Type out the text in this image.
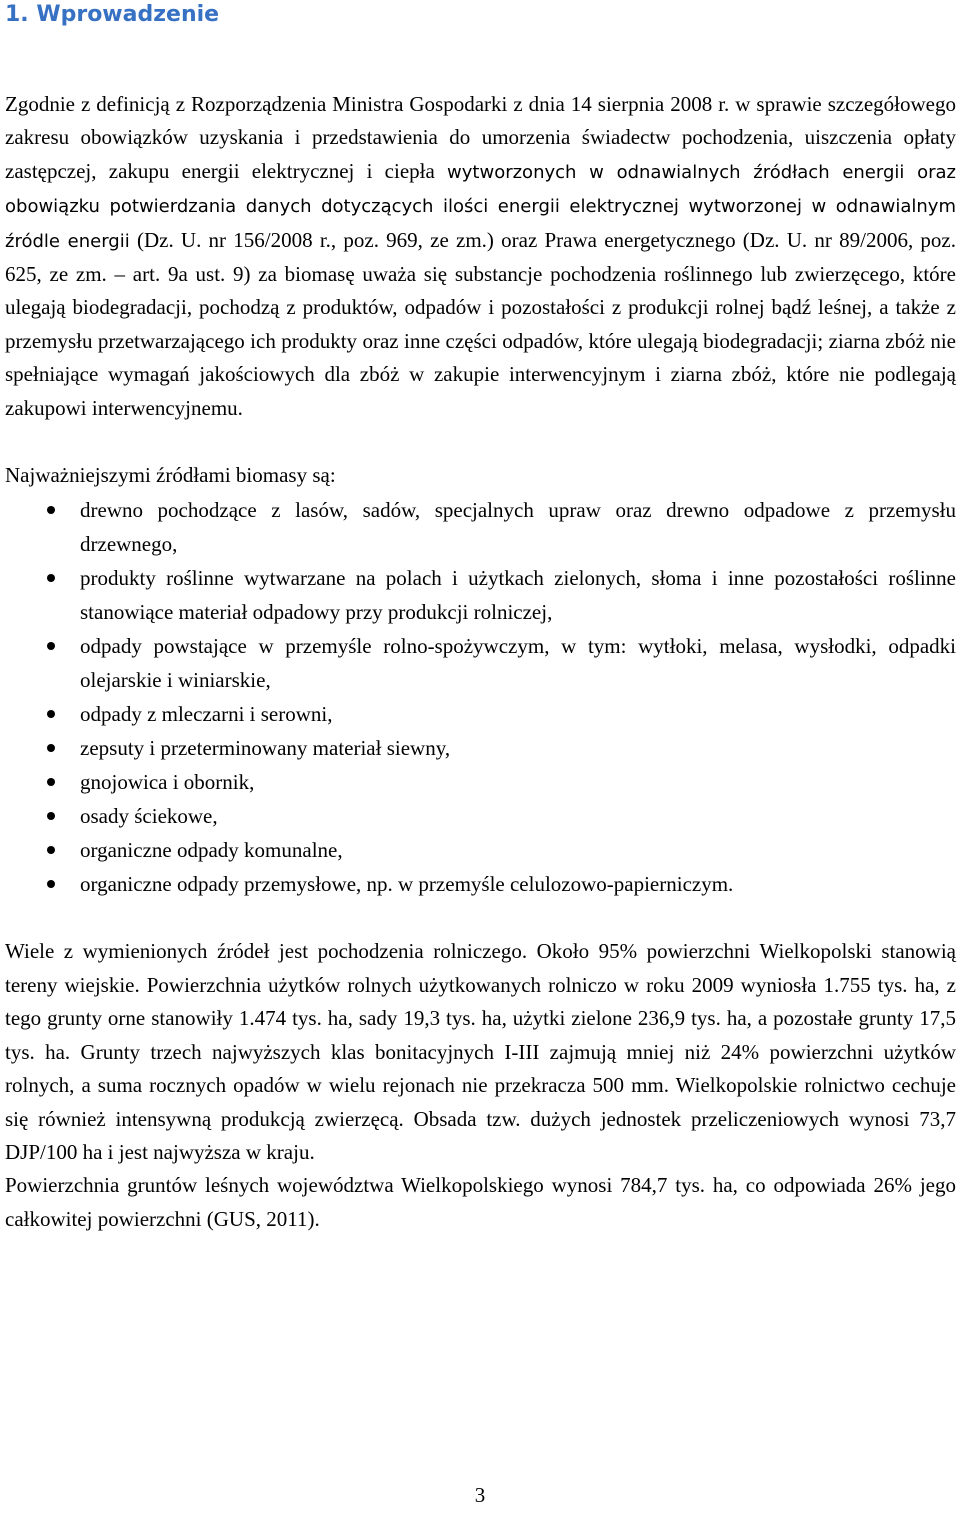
1. Wprowadzenie

Zgodnie z definicją z Rozporządzenia Ministra Gospodarki z dnia 14 sierpnia 2008 r. w sprawie szczegółowego zakresu obowiązków uzyskania i przedstawienia do umorzenia świadectw pochodzenia, uiszczenia opłaty zastępczej, zakupu energii elektrycznej i ciepła wytworzonych w odnawialnych źródłach energii oraz obowiązku potwierdzania danych dotyczących ilości energii elektrycznej wytworzonej w odnawialnym źródle energii (Dz. U. nr 156/2008 r., poz. 969, ze zm.) oraz Prawa energetycznego (Dz. U. nr 89/2006, poz. 625, ze zm. – art. 9a ust. 9) za biomasę uważa się substancje pochodzenia roślinnego lub zwierzęcego, które ulegają biodegradacji, pochodzą z produktów, odpadów i pozostałości z produkcji rolnej bądź leśnej, a także z przemysłu przetwarzającego ich produkty oraz inne części odpadów, które ulegają biodegradacji; ziarna zbóż nie spełniające wymagań jakościowych dla zbóż w zakupie interwencyjnym i ziarna zbóż, które nie podlegają zakupowi interwencyjnemu.

Najważniejszymi źródłami biomasy są:

drewno pochodzące z lasów, sadów, specjalnych upraw oraz drewno odpadowe z przemysłu drzewnego,
produkty roślinne wytwarzane na polach i użytkach zielonych, słoma i inne pozostałości roślinne stanowiące materiał odpadowy przy produkcji rolniczej,
odpady powstające w przemyśle rolno-spożywczym, w tym: wytłoki, melasa, wysłodki, odpadki olejarskie i winiarskie,
odpady z mleczarni i serowni,
zepsuty i przeterminowany materiał siewny,
gnojowica i obornik,
osady ściekowe,
organiczne odpady komunalne,
organiczne odpady przemysłowe, np. w przemyśle celulozowo-papierniczym.

Wiele z wymienionych źródeł jest pochodzenia rolniczego. Około 95% powierzchni Wielkopolski stanowią tereny wiejskie. Powierzchnia użytków rolnych użytkowanych rolniczo w roku 2009 wyniosła 1.755 tys. ha, z tego grunty orne stanowiły 1.474 tys. ha, sady 19,3 tys. ha, użytki zielone 236,9 tys. ha, a pozostałe grunty 17,5 tys. ha. Grunty trzech najwyższych klas bonitacyjnych I-III zajmują mniej niż 24% powierzchni użytków rolnych, a suma rocznych opadów w wielu rejonach nie przekracza 500 mm. Wielkopolskie rolnictwo cechuje się również intensywną produkcją zwierzęcą. Obsada tzw. dużych jednostek przeliczeniowych wynosi 73,7 DJP/100 ha i jest najwyższa w kraju.

Powierzchnia gruntów leśnych województwa Wielkopolskiego wynosi 784,7 tys. ha, co odpowiada 26% jego całkowitej powierzchni (GUS, 2011).

3
